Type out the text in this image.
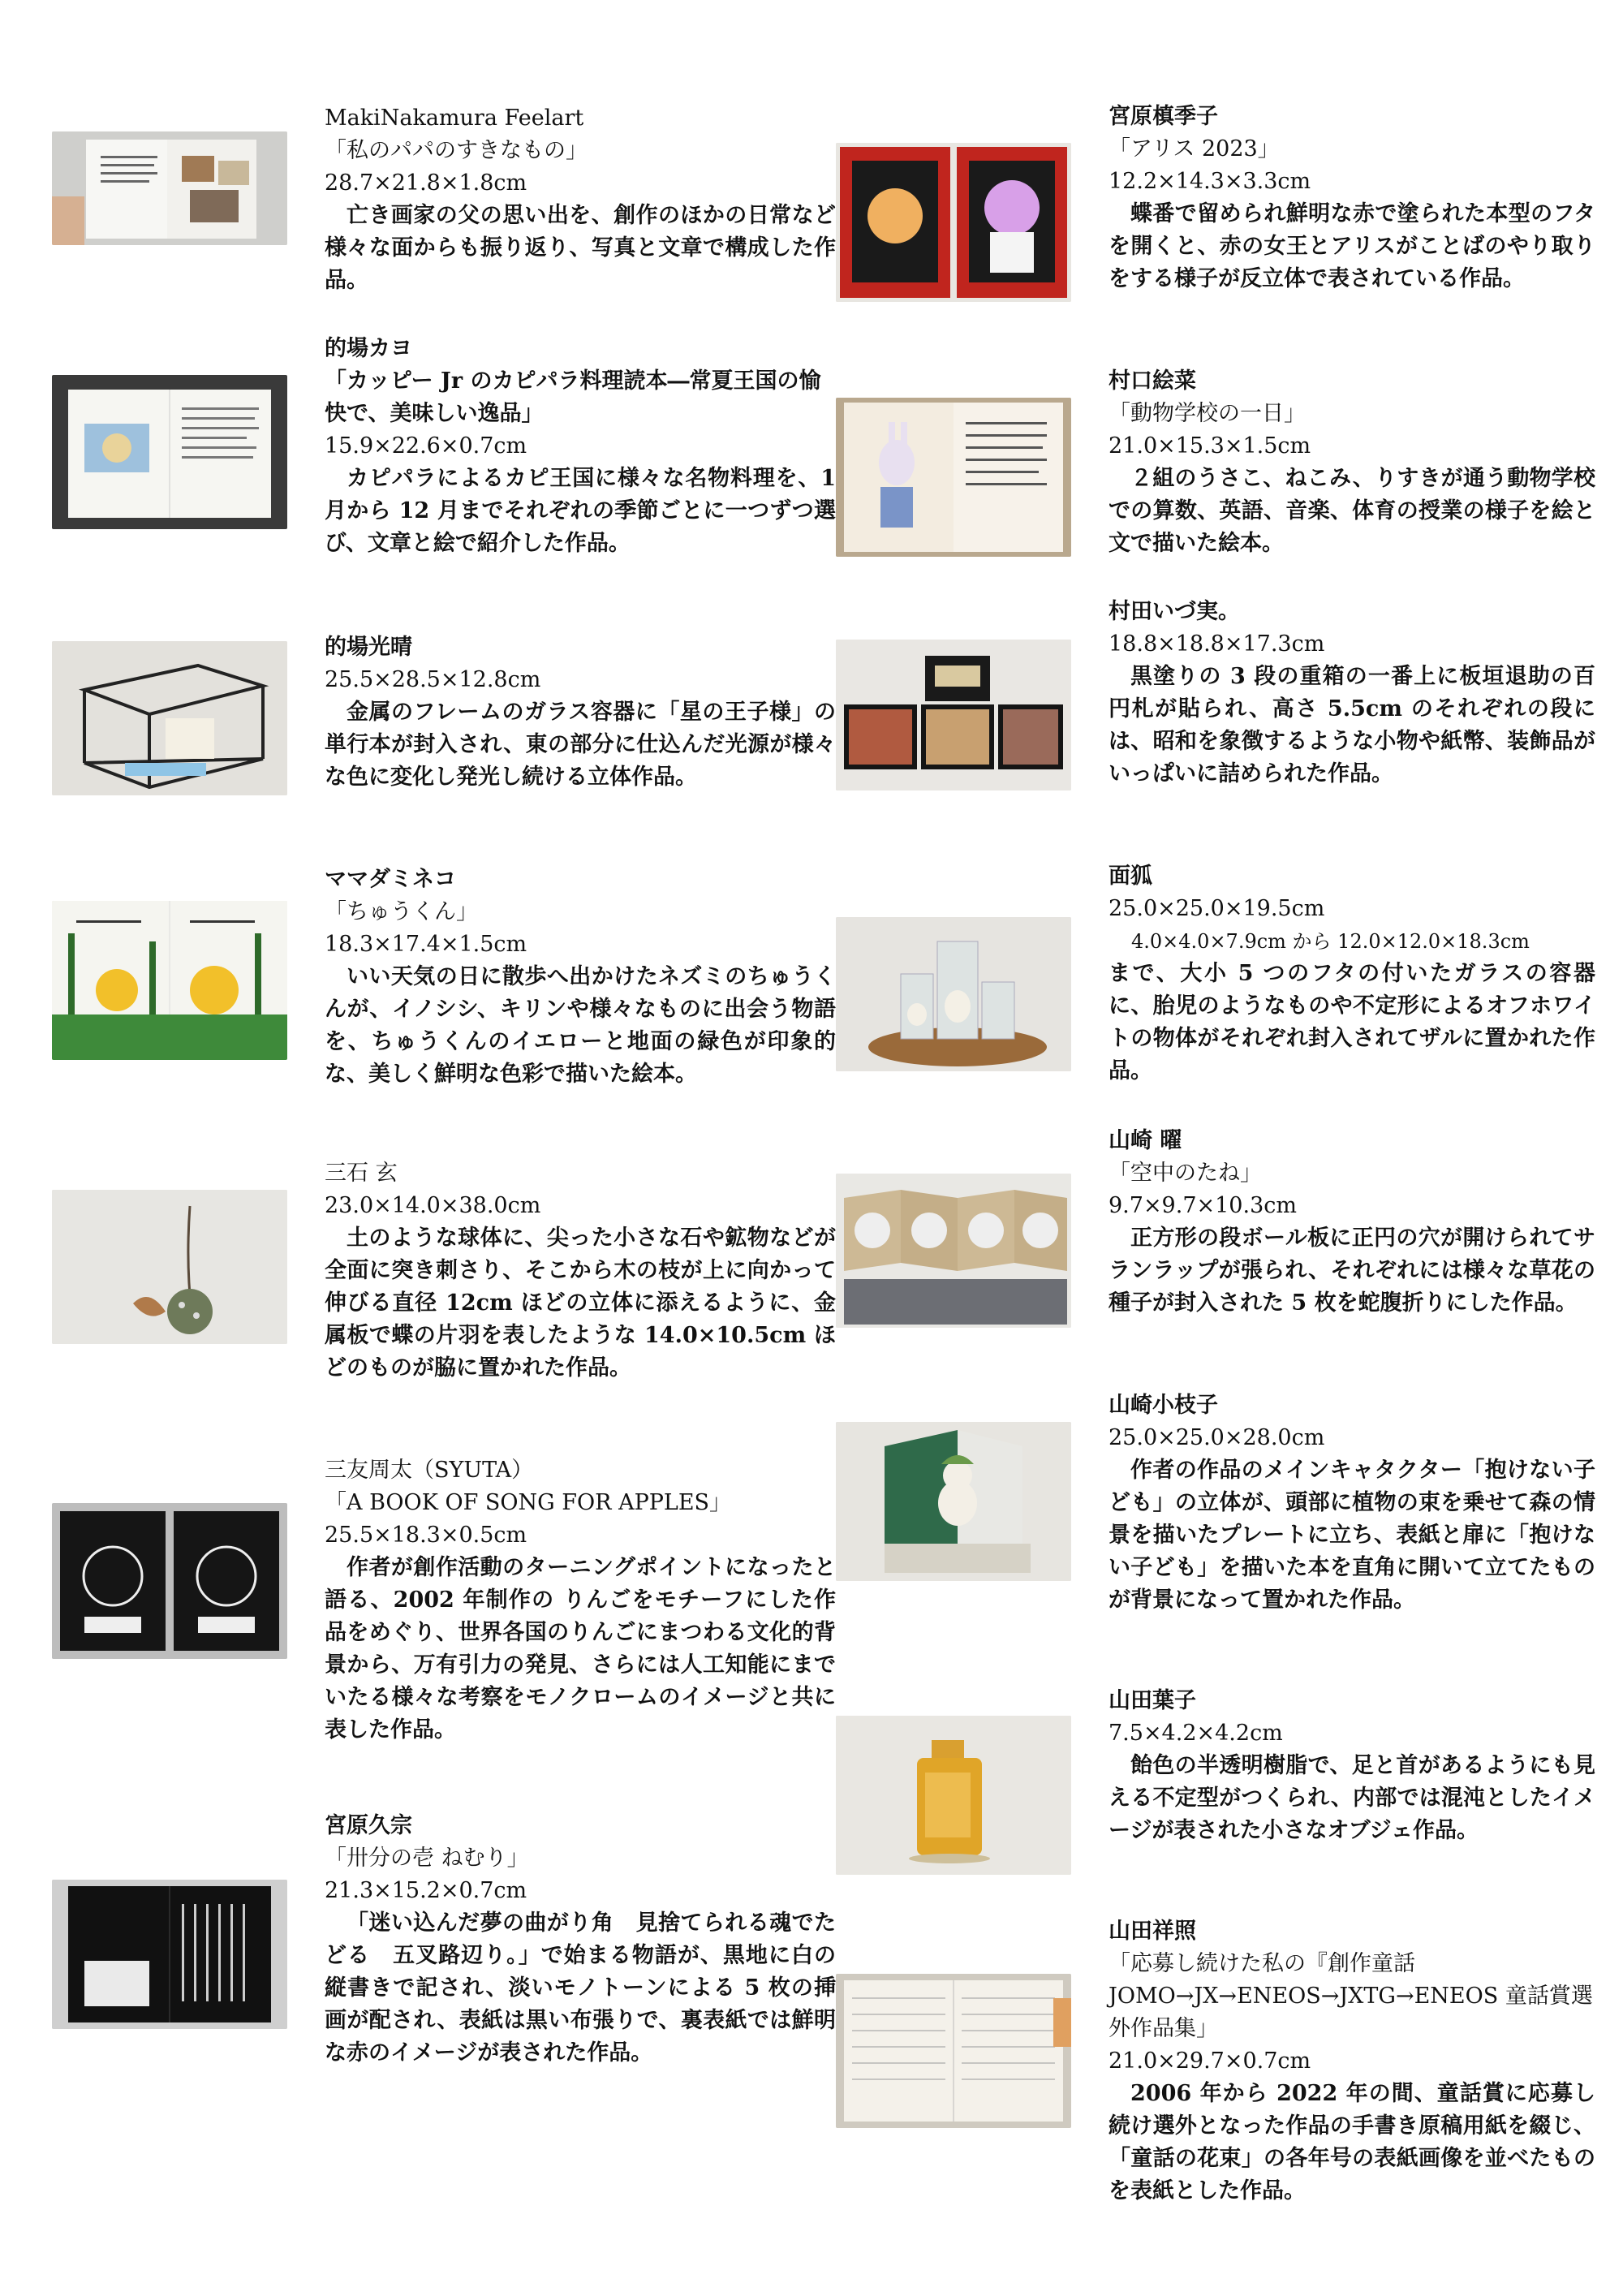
MakiNakamura Feelart
「私のパパのすきなもの」
28.7×21.8×1.8cm
亡き画家の父の思い出を、創作のほかの日常など様々な面からも振り返り、写真と文章で構成した作品。
的場カヨ
「カッピー Jr のカピパラ料理読本―常夏王国の愉快で、美味しい逸品」
15.9×22.6×0.7cm
カピパラによるカピ王国に様々な名物料理を、1 月から 12 月までそれぞれの季節ごとに一つずつ選び、文章と絵で紹介した作品。
的場光晴
25.5×28.5×12.8cm
金属のフレームのガラス容器に「星の王子様」の単行本が封入され、東の部分に仕込んだ光源が様々な色に変化し発光し続ける立体作品。
ママダミネコ
「ちゅうくん」
18.3×17.4×1.5cm
いい天気の日に散歩へ出かけたネズミのちゅうくんが、イノシシ、キリンや様々なものに出会う物語を、ちゅうくんのイエローと地面の緑色が印象的な、美しく鮮明な色彩で描いた絵本。
三石 玄
23.0×14.0×38.0cm
土のような球体に、尖った小さな石や鉱物などが全面に突き刺さり、そこから木の枝が上に向かって伸びる直径 12cm ほどの立体に添えるように、金属板で蝶の片羽を表したような 14.0×10.5cm ほどのものが脇に置かれた作品。
三友周太（SYUTA）
「A BOOK OF SONG FOR APPLES」
25.5×18.3×0.5cm
作者が創作活動のターニングポイントになったと語る、2002 年制作の りんごをモチーフにした作品をめぐり、世界各国のりんごにまつわる文化的背景から、万有引力の発見、さらには人工知能にまでいたる様々な考察をモノクロームのイメージと共に表した作品。
宮原久宗
「卅分の壱 ねむり」
21.3×15.2×0.7cm
「迷い込んだ夢の曲がり角　見捨てられる魂でたどる　五叉路辺り。」で始まる物語が、黒地に白の縦書きで記され、淡いモノトーンによる 5 枚の挿画が配され、表紙は黒い布張りで、裏表紙では鮮明な赤のイメージが表された作品。
宮原槙季子
「アリス 2023」
12.2×14.3×3.3cm
蝶番で留められ鮮明な赤で塗られた本型のフタを開くと、赤の女王とアリスがことばのやり取りをする様子が反立体で表されている作品。
村口絵菜
「動物学校の一日」
21.0×15.3×1.5cm
２組のうさこ、ねこみ、りすきが通う動物学校での算数、英語、音楽、体育の授業の様子を絵と文で描いた絵本。
村田いづ実。
18.8×18.8×17.3cm
黒塗りの 3 段の重箱の一番上に板垣退助の百円札が貼られ、高さ 5.5cm のそれぞれの段には、昭和を象徴するような小物や紙幣、装飾品がいっぱいに詰められた作品。
面狐
25.0×25.0×19.5cm
4.0×4.0×7.9cm から 12.0×12.0×18.3cm
まで、大小 5 つのフタの付いたガラスの容器に、胎児のようなものや不定形によるオフホワイトの物体がそれぞれ封入されてザルに置かれた作品。
山崎 曜
「空中のたね」
9.7×9.7×10.3cm
正方形の段ボール板に正円の穴が開けられてサランラップが張られ、それぞれには様々な草花の種子が封入された 5 枚を蛇腹折りにした作品。
山崎小枝子
25.0×25.0×28.0cm
作者の作品のメインキャタクター「抱けない子ども」の立体が、頭部に植物の束を乗せて森の情景を描いたプレートに立ち、表紙と扉に「抱けない子ども」を描いた本を直角に開いて立てたものが背景になって置かれた作品。
山田葉子
7.5×4.2×4.2cm
飴色の半透明樹脂で、足と首があるようにも見える不定型がつくられ、内部では混沌としたイメージが表された小さなオブジェ作品。
山田祥照
「応募し続けた私の『創作童話 JOMO→JX→ENEOS→JXTG→ENEOS 童話賞選外作品集」
21.0×29.7×0.7cm
2006 年から 2022 年の間、童話賞に応募し続け選外となった作品の手書き原稿用紙を綴じ、「童話の花束」の各年号の表紙画像を並べたものを表紙とした作品。
